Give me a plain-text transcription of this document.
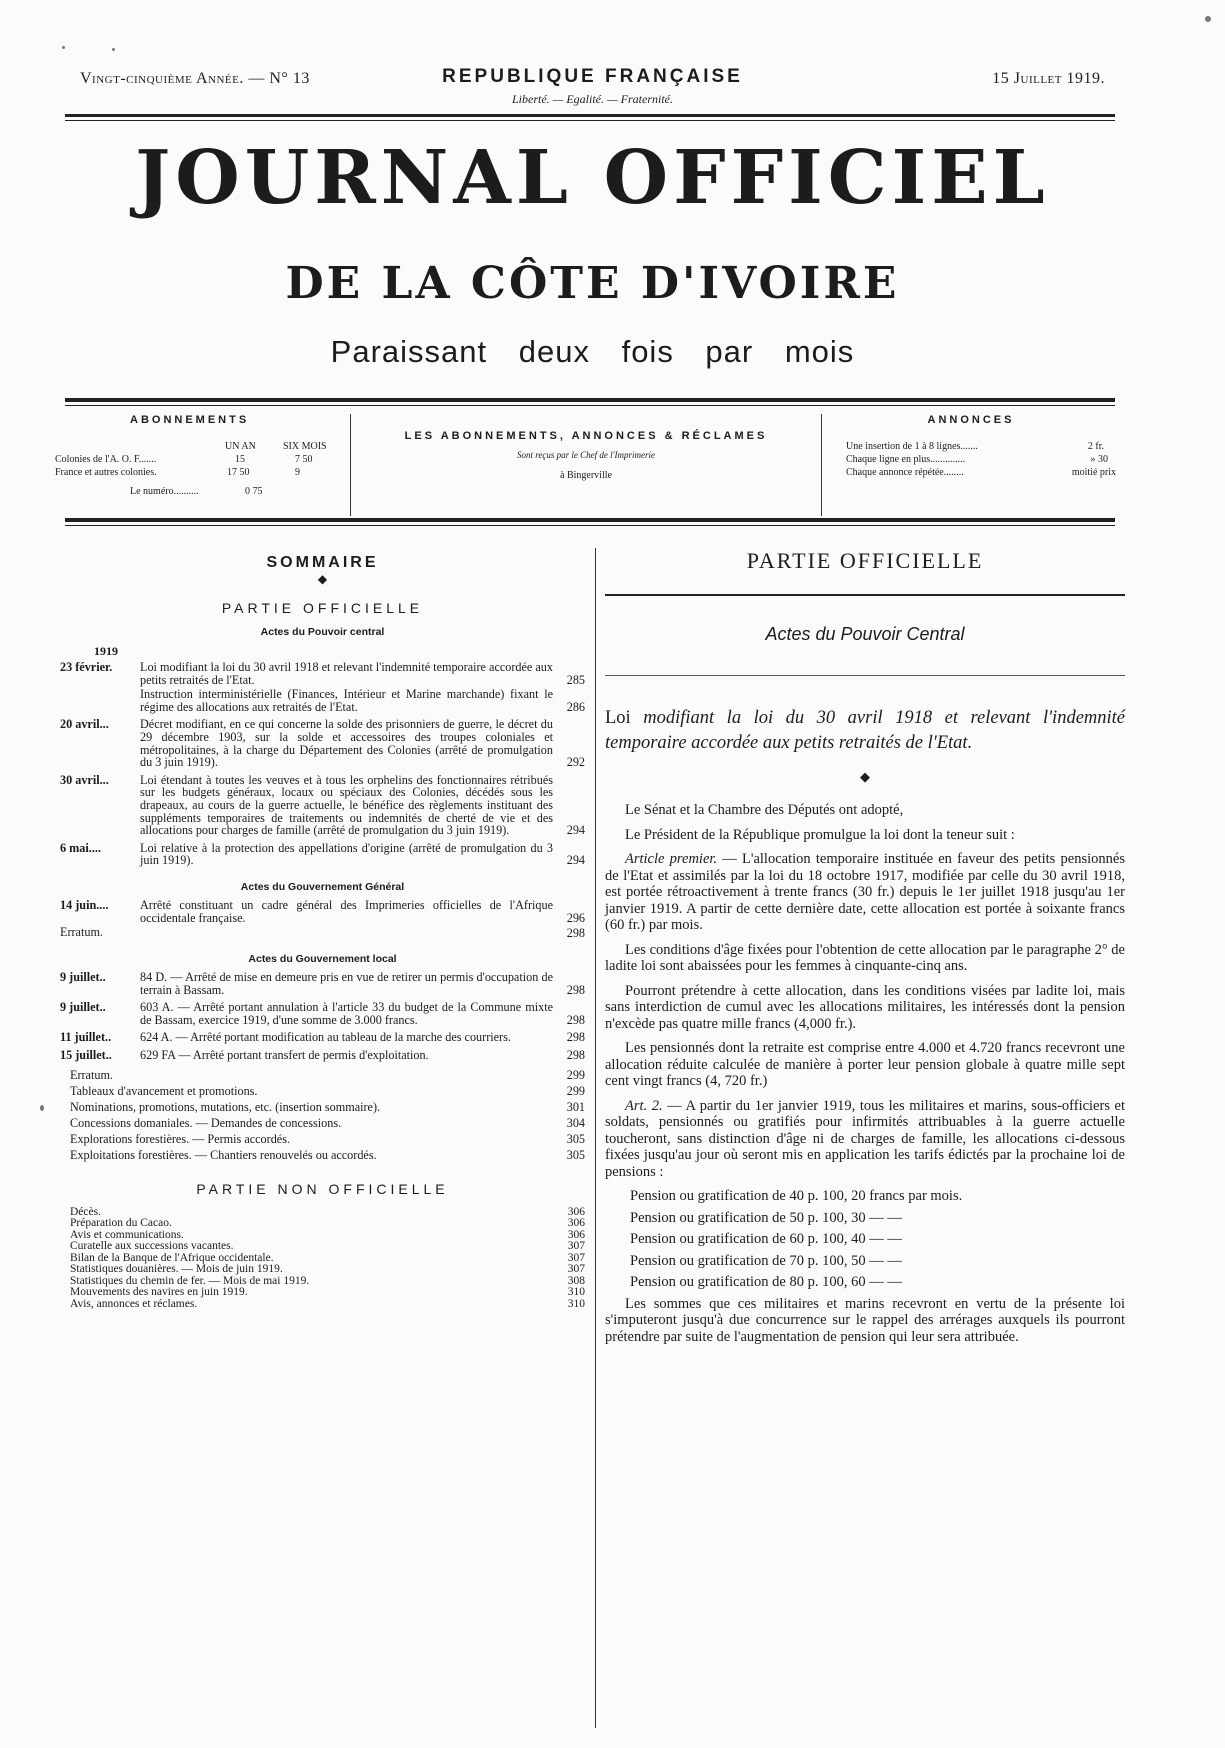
Vingt-cinquième Année. — N° 13	REPUBLIQUE FRANÇAISE
Liberté. — Egalité. — Fraternité.
15 Juillet 1919.
JOURNAL OFFICIEL
DE LA CÔTE D'IVOIRE
Paraissant deux fois par mois
ABONNEMENTS
UN AN	SIX MOIS
Colonies de l'A. O. F.......	15	7 50
France et autres colonies.	17 50	9
Le numéro..........	0 75
LES ABONNEMENTS, ANNONCES & RÉCLAMES
Sont reçus par le Chef de l'Imprimerie
à Bingerville
ANNONCES
Une insertion de 1 à 8 lignes.......	2 fr.
Chaque ligne en plus..............	» 30
Chaque annonce répétée........	moitié prix
SOMMAIRE
◆
PARTIE OFFICIELLE
Actes du Pouvoir central
1919
23 février.	Loi modifiant la loi du 30 avril 1918 et relevant l'indemnité temporaire accordée aux petits retraités de l'Etat.	285
Instruction interministérielle (Finances, Intérieur et Marine marchande) fixant le régime des allocations aux retraités de l'Etat.	286
20 avril...	Décret modifiant, en ce qui concerne la solde des prisonniers de guerre, le décret du 29 décembre 1903, sur la solde et accessoires des troupes coloniales et métropolitaines, à la charge du Département des Colonies (arrêté de promulgation du 3 juin 1919).	292
30 avril...	Loi étendant à toutes les veuves et à tous les orphelins des fonctionnaires rétribués sur les budgets généraux, locaux ou spéciaux des Colonies, décédés sous les drapeaux, au cours de la guerre actuelle, le bénéfice des règlements instituant des suppléments temporaires de traitements ou indemnités de cherté de vie et des allocations pour charges de famille (arrêté de promulgation du 3 juin 1919).	294
6 mai....	Loi relative à la protection des appellations d'origine (arrêté de promulgation du 3 juin 1919).	294
Actes du Gouvernement Général
14 juin....	Arrêté constituant un cadre général des Imprimeries officielles de l'Afrique occidentale française.	296
Erratum.	298
Actes du Gouvernement local
9 juillet..	84 D. — Arrêté de mise en demeure pris en vue de retirer un permis d'occupation de terrain à Bassam.	298
9 juillet..	603 A. — Arrêté portant annulation à l'article 33 du budget de la Commune mixte de Bassam, exercice 1919, d'une somme de 3.000 francs.	298
11 juillet..	624 A. — Arrêté portant modification au tableau de la marche des courriers.	298
15 juillet..	629 FA — Arrêté portant transfert de permis d'exploitation.	298
Erratum.	299
Tableaux d'avancement et promotions.	299
Nominations, promotions, mutations, etc. (insertion sommaire).	301
Concessions domaniales. — Demandes de concessions.	304
Explorations forestières. — Permis accordés.	305
Exploitations forestières. — Chantiers renouvelés ou accordés.	305
PARTIE NON OFFICIELLE
Décès.	306
Préparation du Cacao.	306
Avis et communications.	306
Curatelle aux successions vacantes.	307
Bilan de la Banque de l'Afrique occidentale.	307
Statistiques douanières. — Mois de juin 1919.	307
Statistiques du chemin de fer. — Mois de mai 1919.	308
Mouvements des navires en juin 1919.	310
Avis, annonces et réclames.	310
PARTIE OFFICIELLE
Actes du Pouvoir Central
Loi modifiant la loi du 30 avril 1918 et relevant l'indemnité temporaire accordée aux petits retraités de l'Etat.
◆

Le Sénat et la Chambre des Députés ont adopté,

Le Président de la République promulgue la loi dont la teneur suit :

Article premier. — L'allocation temporaire instituée en faveur des petits pensionnés de l'Etat et assimilés par la loi du 18 octobre 1917, modifiée par celle du 30 avril 1918, est portée rétroactivement à trente francs (30 fr.) depuis le 1er juillet 1918 jusqu'au 1er janvier 1919. A partir de cette dernière date, cette allocation est portée à soixante francs (60 fr.) par mois.

Les conditions d'âge fixées pour l'obtention de cette allocation par le paragraphe 2° de ladite loi sont abaissées pour les femmes à cinquante-cinq ans.

Pourront prétendre à cette allocation, dans les conditions visées par ladite loi, mais sans interdiction de cumul avec les allocations militaires, les intéressés dont la pension n'excède pas quatre mille francs (4,000 fr.).

Les pensionnés dont la retraite est comprise entre 4.000 et 4.720 francs recevront une allocation réduite calculée de manière à porter leur pension globale à quatre mille sept cent vingt francs (4, 720 fr.)

Art. 2. — A partir du 1er janvier 1919, tous les militaires et marins, sous-officiers et soldats, pensionnés ou gratifiés pour infirmités attribuables à la guerre actuelle toucheront, sans distinction d'âge ni de charges de famille, les allocations ci-dessous fixées jusqu'au jour où seront mis en application les tarifs édictés par la prochaine loi de pensions :

Pension ou gratification de 40 p. 100, 20 francs par mois.

Pension ou gratification de 50 p. 100, 30 — —

Pension ou gratification de 60 p. 100, 40 — —

Pension ou gratification de 70 p. 100, 50 — —

Pension ou gratification de 80 p. 100, 60 — —

Les sommes que ces militaires et marins recevront en vertu de la présente loi s'imputeront jusqu'à due concurrence sur le rappel des arrérages auxquels ils pourront prétendre par suite de l'augmentation de pension qui leur sera attribuée.
